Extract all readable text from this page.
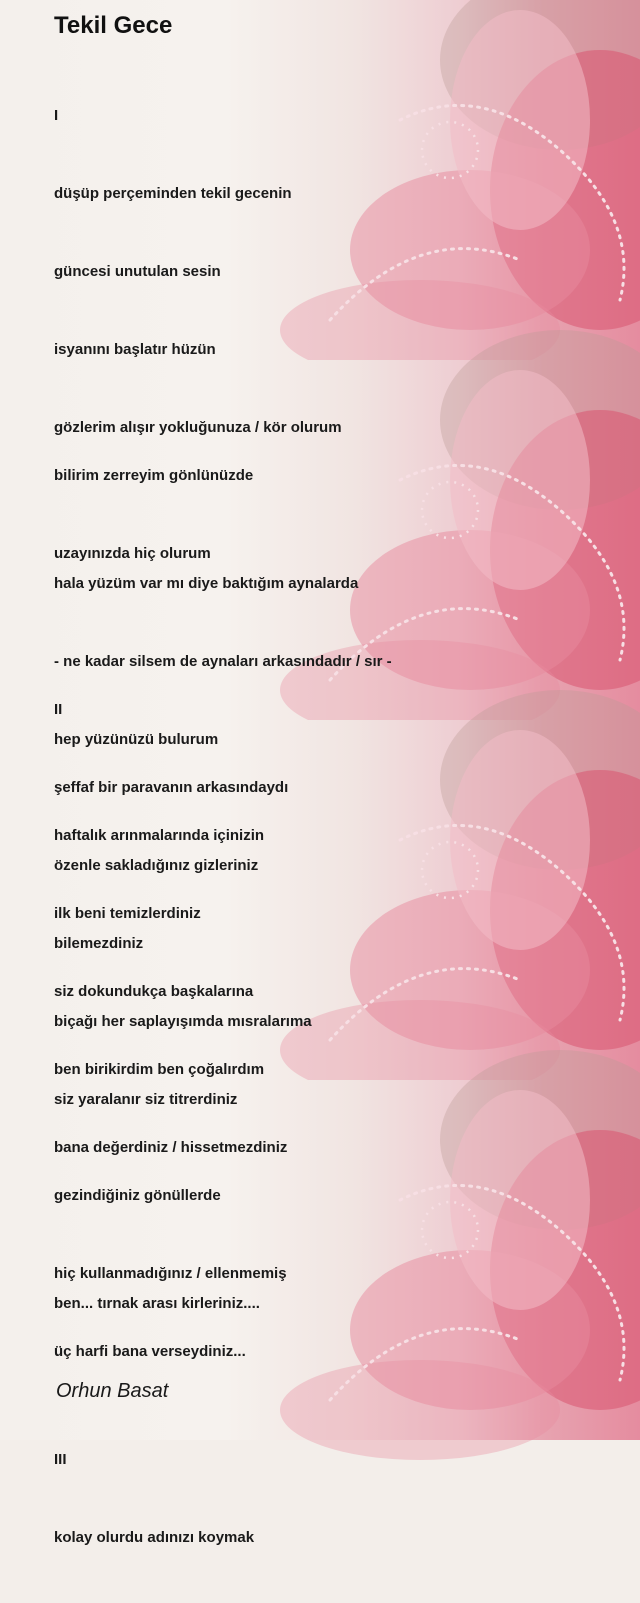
Tekil Gece

I

düşüp perçeminden tekil gecenin

güncesi unutulan sesin

isyanını başlatır hüzün

gözlerim alışır yokluğunuza / kör olurum

hala yüzüm var mı diye baktığım aynalarda

- ne kadar silsem de aynaları arkasındadır / sır -

hep yüzünüzü bulurum

bilirim zerreyim gönlünüzde

uzayınızda hiç olurum

II

şeffaf bir paravanın arkasındaydı

özenle sakladığınız gizleriniz

bilemezdiniz

biçağı her saplayışımda mısralarıma

siz yaralanır siz titrerdiniz

haftalık arınmalarında içinizin

ilk beni temizlerdiniz

siz dokundukça başkalarına

ben birikirdim ben çoğalırdım

bana değerdiniz / hissetmezdiniz

ben... tırnak arası kirleriniz....

III

kolay olurdu adınızı koymak

gezindiğiniz gönüllerde

hiç kullanmadığınız / ellenmemiş

üç harfi bana verseydiniz...

Orhun Basat
